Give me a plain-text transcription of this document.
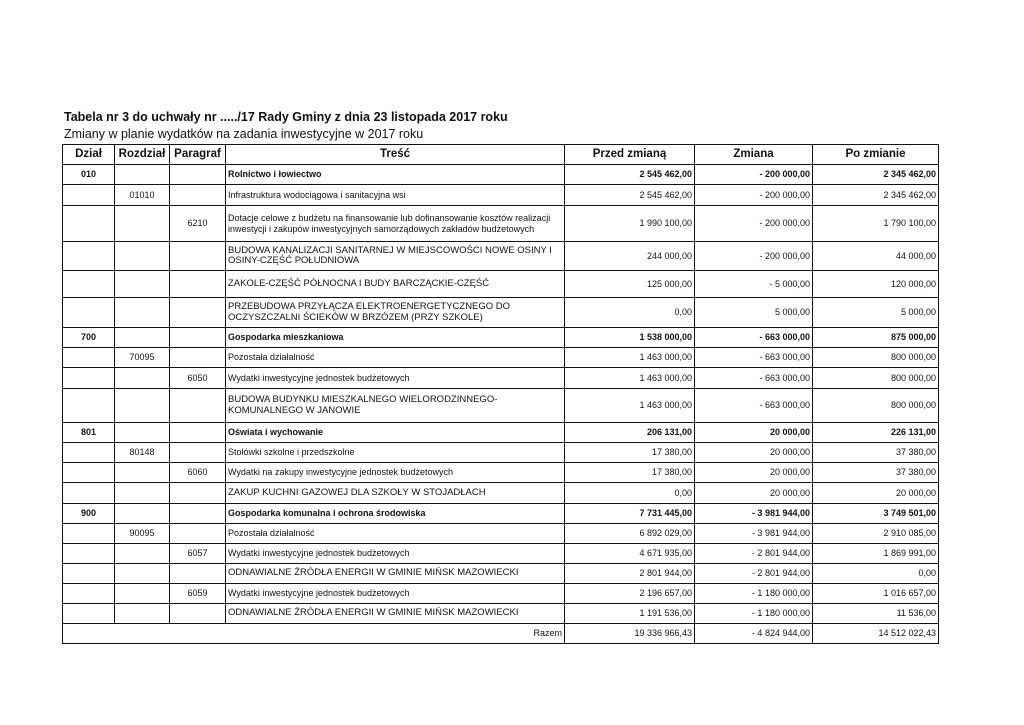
Tabela nr 3 do uchwały nr ...../17 Rady Gminy z dnia 23 listopada 2017 roku
Zmiany w planie wydatków na zadania inwestycyjne w 2017 roku
Dział	Rozdział	Paragraf	Treść	Przed zmianą	Zmiana	Po zmianie
010			Rolnictwo i łowiectwo	2 545 462,00	- 200 000,00	2 345 462,00
	01010		Infrastruktura wodociągowa i sanitacyjna wsi	2 545 462,00	- 200 000,00	2 345 462,00
		6210	Dotacje celowe z budżetu na finansowanie lub dofinansowanie kosztów realizacji inwestycji i zakupów inwestycyjnych samorządowych zakładów budżetowych	1 990 100,00	- 200 000,00	1 790 100,00
			BUDOWA KANALIZACJI SANITARNEJ W MIEJSCOWOŚCI NOWE OSINY I OSINY-CZĘŚĆ POŁUDNIOWA	244 000,00	- 200 000,00	44 000,00
			ZAKOLE-CZĘŚĆ PÓŁNOCNA I BUDY BARCZĄCKIE-CZĘŚĆ	125 000,00	- 5 000,00	120 000,00
			PRZEBUDOWA PRZYŁĄCZA ELEKTROENERGETYCZNEGO DO OCZYSZCZALNI ŚCIEKÓW W BRZÓZEM (PRZY SZKOLE)	0,00	5 000,00	5 000,00
700			Gospodarka mieszkaniowa	1 538 000,00	- 663 000,00	875 000,00
	70095		Pozostała działalność	1 463 000,00	- 663 000,00	800 000,00
		6050	Wydatki inwestycyjne jednostek budżetowych	1 463 000,00	- 663 000,00	800 000,00
			BUDOWA BUDYNKU MIESZKALNEGO WIELORODZINNEGO-KOMUNALNEGO W JANOWIE	1 463 000,00	- 663 000,00	800 000,00
801			Oświata i wychowanie	206 131,00	20 000,00	226 131,00
	80148		Stołówki szkolne i przedszkolne	17 380,00	20 000,00	37 380,00
		6060	Wydatki na zakupy inwestycyjne jednostek budżetowych	17 380,00	20 000,00	37 380,00
			ZAKUP KUCHNI GAZOWEJ DLA SZKOŁY W STOJADŁACH	0,00	20 000,00	20 000,00
900			Gospodarka komunalna i ochrona środowiska	7 731 445,00	- 3 981 944,00	3 749 501,00
	90095		Pozostała działalność	6 892 029,00	- 3 981 944,00	2 910 085,00
		6057	Wydatki inwestycyjne jednostek budżetowych	4 671 935,00	- 2 801 944,00	1 869 991,00
			ODNAWIALNE ŹRÓDŁA ENERGII W GMINIE MIŃSK MAZOWIECKI	2 801 944,00	- 2 801 944,00	0,00
		6059	Wydatki inwestycyjne jednostek budżetowych	2 196 657,00	- 1 180 000,00	1 016 657,00
			ODNAWIALNE ŹRÓDŁA ENERGII W GMINIE MIŃSK MAZOWIECKI	1 191 536,00	- 1 180 000,00	11 536,00
Razem				19 336 966,43	- 4 824 944,00	14 512 022,43
